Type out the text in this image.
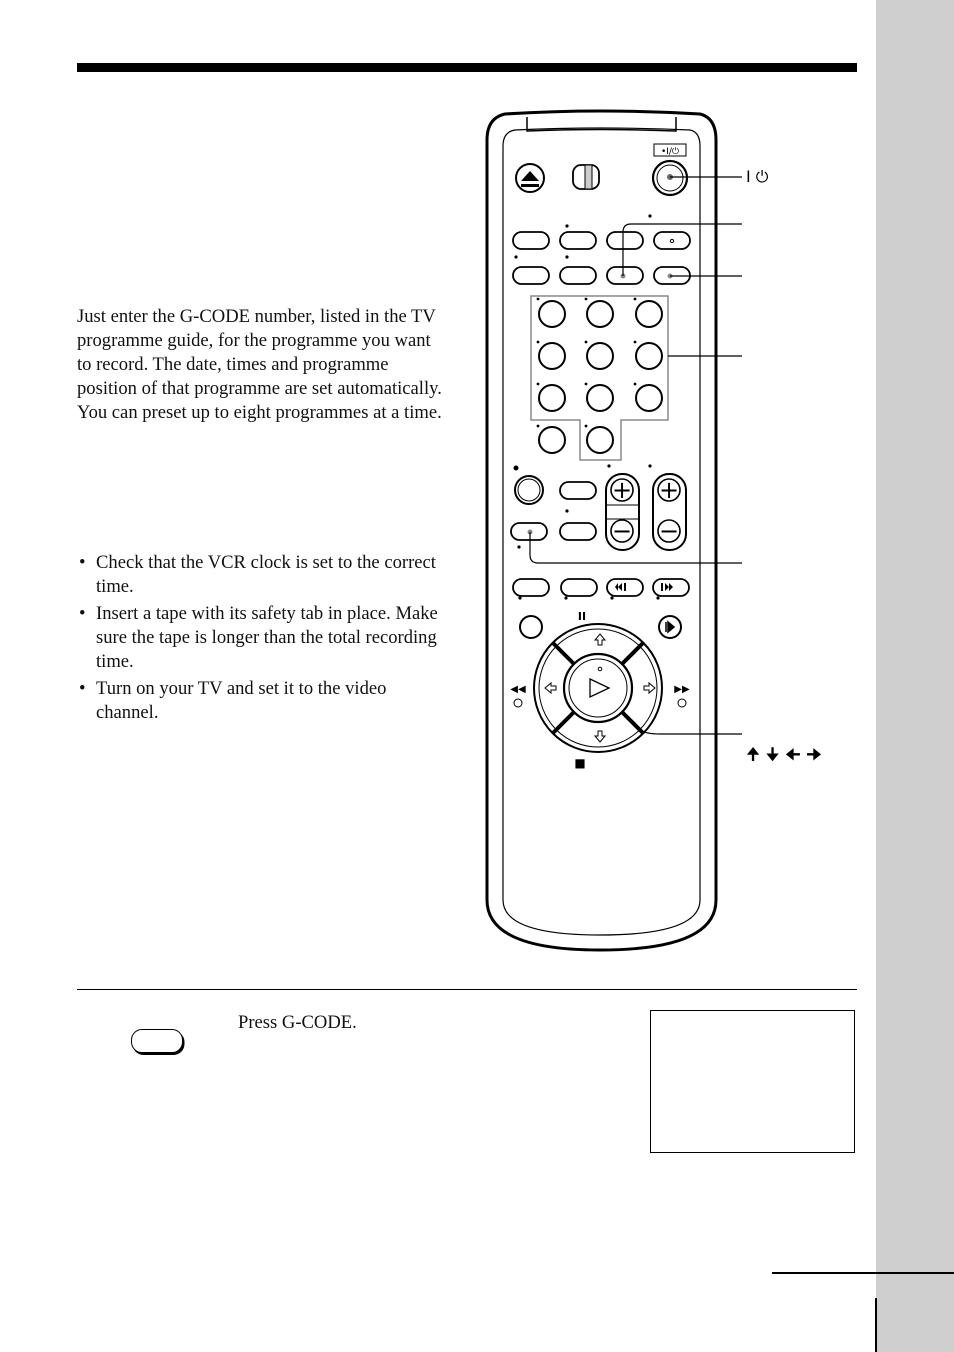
Just enter the G-CODE number, listed in the TV programme guide, for the programme you want to record. The date, times and programme position of that programme are set automatically. You can preset up to eight programmes at a time.

• Check that the VCR clock is set to the correct time.
• Insert a tape with its safety tab in place. Make sure the tape is longer than the total recording time.
• Turn on your TV and set it to the video channel.
•I/⏻
I ⏻
+
−
+
−
II
◀◀	▶▶
■	🠉 🠋 🠈 🠊

Press G-CODE.
